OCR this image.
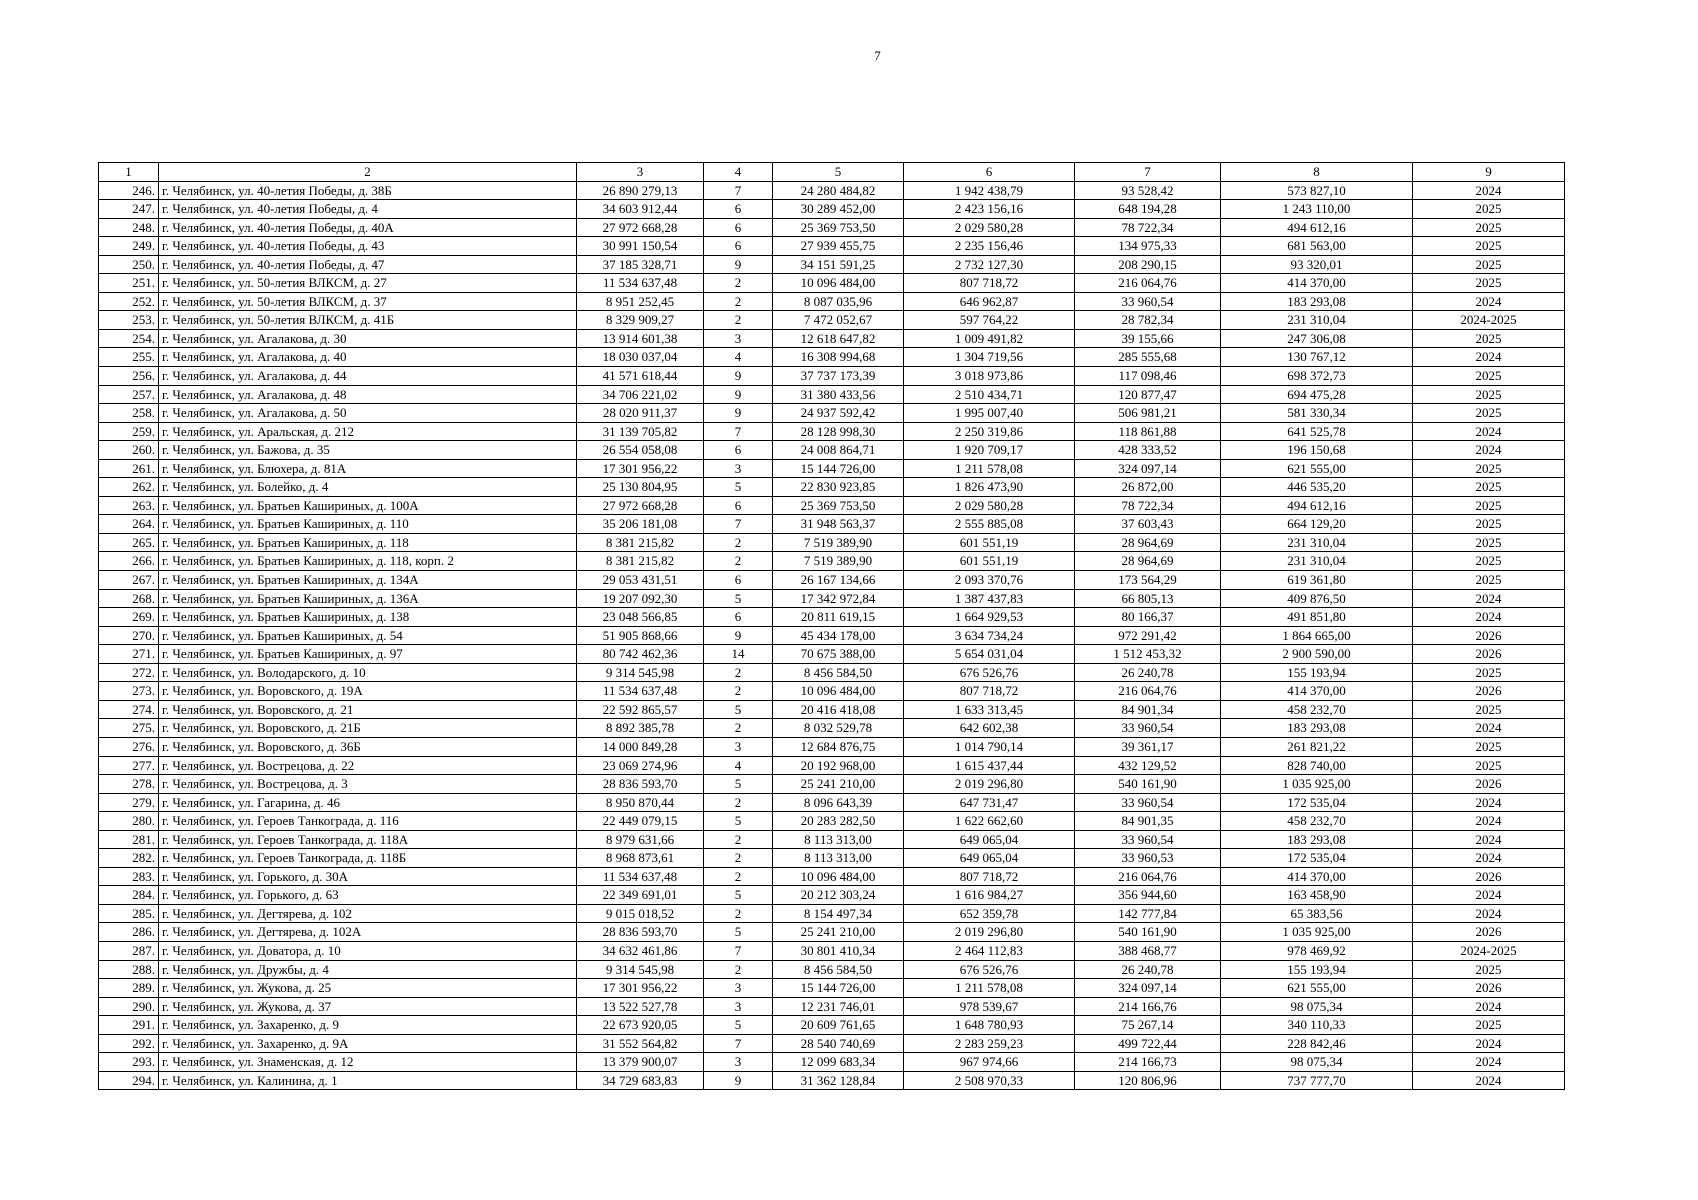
7
1	2	3	4	5	6	7	8	9
246.	г. Челябинск, ул. 40-летия Победы, д. 38Б	26 890 279,13	7	24 280 484,82	1 942 438,79	93 528,42	573 827,10	2024
247.	г. Челябинск, ул. 40-летия Победы, д. 4	34 603 912,44	6	30 289 452,00	2 423 156,16	648 194,28	1 243 110,00	2025
248.	г. Челябинск, ул. 40-летия Победы, д. 40А	27 972 668,28	6	25 369 753,50	2 029 580,28	78 722,34	494 612,16	2025
249.	г. Челябинск, ул. 40-летия Победы, д. 43	30 991 150,54	6	27 939 455,75	2 235 156,46	134 975,33	681 563,00	2025
250.	г. Челябинск, ул. 40-летия Победы, д. 47	37 185 328,71	9	34 151 591,25	2 732 127,30	208 290,15	93 320,01	2025
251.	г. Челябинск, ул. 50-летия ВЛКСМ, д. 27	11 534 637,48	2	10 096 484,00	807 718,72	216 064,76	414 370,00	2025
252.	г. Челябинск, ул. 50-летия ВЛКСМ, д. 37	8 951 252,45	2	8 087 035,96	646 962,87	33 960,54	183 293,08	2024
253.	г. Челябинск, ул. 50-летия ВЛКСМ, д. 41Б	8 329 909,27	2	7 472 052,67	597 764,22	28 782,34	231 310,04	2024-2025
254.	г. Челябинск, ул. Агалакова, д. 30	13 914 601,38	3	12 618 647,82	1 009 491,82	39 155,66	247 306,08	2025
255.	г. Челябинск, ул. Агалакова, д. 40	18 030 037,04	4	16 308 994,68	1 304 719,56	285 555,68	130 767,12	2024
256.	г. Челябинск, ул. Агалакова, д. 44	41 571 618,44	9	37 737 173,39	3 018 973,86	117 098,46	698 372,73	2025
257.	г. Челябинск, ул. Агалакова, д. 48	34 706 221,02	9	31 380 433,56	2 510 434,71	120 877,47	694 475,28	2025
258.	г. Челябинск, ул. Агалакова, д. 50	28 020 911,37	9	24 937 592,42	1 995 007,40	506 981,21	581 330,34	2025
259.	г. Челябинск, ул. Аральская, д. 212	31 139 705,82	7	28 128 998,30	2 250 319,86	118 861,88	641 525,78	2024
260.	г. Челябинск, ул. Бажова, д. 35	26 554 058,08	6	24 008 864,71	1 920 709,17	428 333,52	196 150,68	2024
261.	г. Челябинск, ул. Блюхера, д. 81А	17 301 956,22	3	15 144 726,00	1 211 578,08	324 097,14	621 555,00	2025
262.	г. Челябинск, ул. Болейко, д. 4	25 130 804,95	5	22 830 923,85	1 826 473,90	26 872,00	446 535,20	2025
263.	г. Челябинск, ул. Братьев Кашириных, д. 100А	27 972 668,28	6	25 369 753,50	2 029 580,28	78 722,34	494 612,16	2025
264.	г. Челябинск, ул. Братьев Кашириных, д. 110	35 206 181,08	7	31 948 563,37	2 555 885,08	37 603,43	664 129,20	2025
265.	г. Челябинск, ул. Братьев Кашириных, д. 118	8 381 215,82	2	7 519 389,90	601 551,19	28 964,69	231 310,04	2025
266.	г. Челябинск, ул. Братьев Кашириных, д. 118, корп. 2	8 381 215,82	2	7 519 389,90	601 551,19	28 964,69	231 310,04	2025
267.	г. Челябинск, ул. Братьев Кашириных, д. 134А	29 053 431,51	6	26 167 134,66	2 093 370,76	173 564,29	619 361,80	2025
268.	г. Челябинск, ул. Братьев Кашириных, д. 136А	19 207 092,30	5	17 342 972,84	1 387 437,83	66 805,13	409 876,50	2024
269.	г. Челябинск, ул. Братьев Кашириных, д. 138	23 048 566,85	6	20 811 619,15	1 664 929,53	80 166,37	491 851,80	2024
270.	г. Челябинск, ул. Братьев Кашириных, д. 54	51 905 868,66	9	45 434 178,00	3 634 734,24	972 291,42	1 864 665,00	2026
271.	г. Челябинск, ул. Братьев Кашириных, д. 97	80 742 462,36	14	70 675 388,00	5 654 031,04	1 512 453,32	2 900 590,00	2026
272.	г. Челябинск, ул. Володарского, д. 10	9 314 545,98	2	8 456 584,50	676 526,76	26 240,78	155 193,94	2025
273.	г. Челябинск, ул. Воровского, д. 19А	11 534 637,48	2	10 096 484,00	807 718,72	216 064,76	414 370,00	2026
274.	г. Челябинск, ул. Воровского, д. 21	22 592 865,57	5	20 416 418,08	1 633 313,45	84 901,34	458 232,70	2025
275.	г. Челябинск, ул. Воровского, д. 21Б	8 892 385,78	2	8 032 529,78	642 602,38	33 960,54	183 293,08	2024
276.	г. Челябинск, ул. Воровского, д. 36Б	14 000 849,28	3	12 684 876,75	1 014 790,14	39 361,17	261 821,22	2025
277.	г. Челябинск, ул. Вострецова, д. 22	23 069 274,96	4	20 192 968,00	1 615 437,44	432 129,52	828 740,00	2025
278.	г. Челябинск, ул. Вострецова, д. 3	28 836 593,70	5	25 241 210,00	2 019 296,80	540 161,90	1 035 925,00	2026
279.	г. Челябинск, ул. Гагарина, д. 46	8 950 870,44	2	8 096 643,39	647 731,47	33 960,54	172 535,04	2024
280.	г. Челябинск, ул. Героев Танкограда, д. 116	22 449 079,15	5	20 283 282,50	1 622 662,60	84 901,35	458 232,70	2024
281.	г. Челябинск, ул. Героев Танкограда, д. 118А	8 979 631,66	2	8 113 313,00	649 065,04	33 960,54	183 293,08	2024
282.	г. Челябинск, ул. Героев Танкограда, д. 118Б	8 968 873,61	2	8 113 313,00	649 065,04	33 960,53	172 535,04	2024
283.	г. Челябинск, ул. Горького, д. 30А	11 534 637,48	2	10 096 484,00	807 718,72	216 064,76	414 370,00	2026
284.	г. Челябинск, ул. Горького, д. 63	22 349 691,01	5	20 212 303,24	1 616 984,27	356 944,60	163 458,90	2024
285.	г. Челябинск, ул. Дегтярева, д. 102	9 015 018,52	2	8 154 497,34	652 359,78	142 777,84	65 383,56	2024
286.	г. Челябинск, ул. Дегтярева, д. 102А	28 836 593,70	5	25 241 210,00	2 019 296,80	540 161,90	1 035 925,00	2026
287.	г. Челябинск, ул. Доватора, д. 10	34 632 461,86	7	30 801 410,34	2 464 112,83	388 468,77	978 469,92	2024-2025
288.	г. Челябинск, ул. Дружбы, д. 4	9 314 545,98	2	8 456 584,50	676 526,76	26 240,78	155 193,94	2025
289.	г. Челябинск, ул. Жукова, д. 25	17 301 956,22	3	15 144 726,00	1 211 578,08	324 097,14	621 555,00	2026
290.	г. Челябинск, ул. Жукова, д. 37	13 522 527,78	3	12 231 746,01	978 539,67	214 166,76	98 075,34	2024
291.	г. Челябинск, ул. Захаренко, д. 9	22 673 920,05	5	20 609 761,65	1 648 780,93	75 267,14	340 110,33	2025
292.	г. Челябинск, ул. Захаренко, д. 9А	31 552 564,82	7	28 540 740,69	2 283 259,23	499 722,44	228 842,46	2024
293.	г. Челябинск, ул. Знаменская, д. 12	13 379 900,07	3	12 099 683,34	967 974,66	214 166,73	98 075,34	2024
294.	г. Челябинск, ул. Калинина, д. 1	34 729 683,83	9	31 362 128,84	2 508 970,33	120 806,96	737 777,70	2024
